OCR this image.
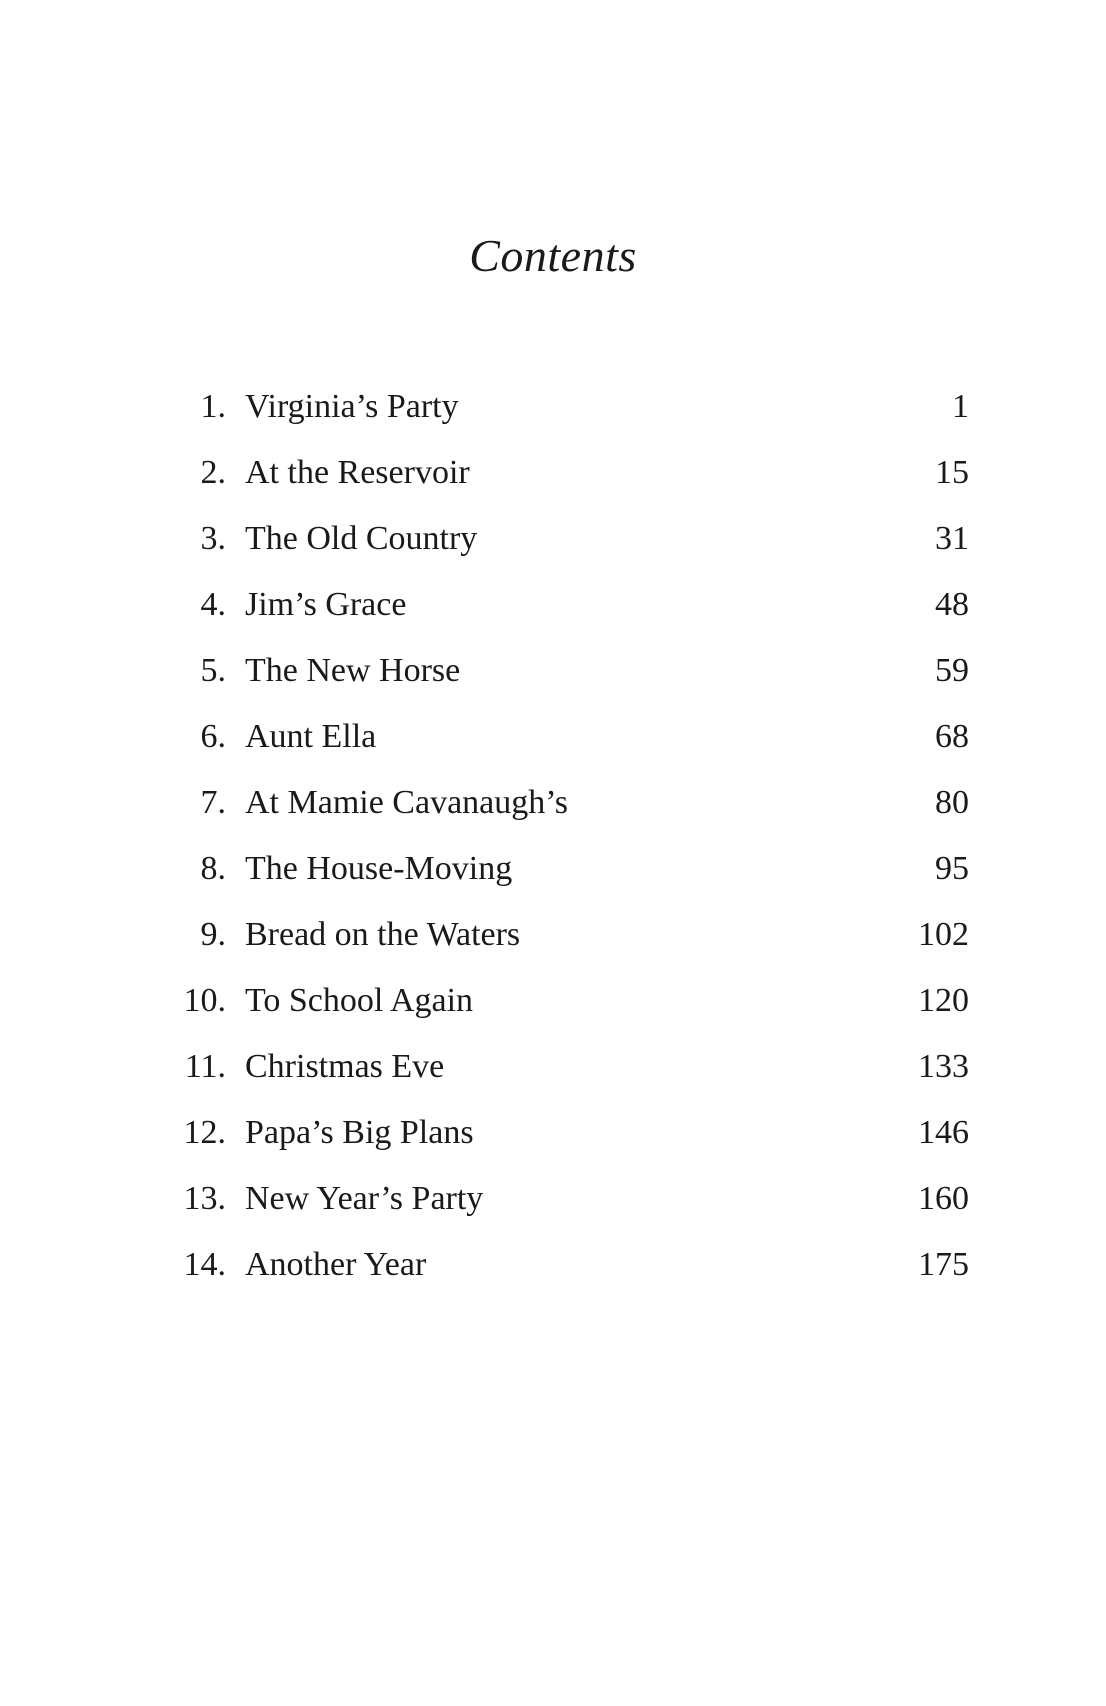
Contents
1. Virginia’s Party	1
2. At the Reservoir	15
3. The Old Country	31
4. Jim’s Grace	48
5. The New Horse	59
6. Aunt Ella	68
7. At Mamie Cavanaugh’s	80
8. The House-Moving	95
9. Bread on the Waters	102
10. To School Again	120
11. Christmas Eve	133
12. Papa’s Big Plans	146
13. New Year’s Party	160
14. Another Year	175
